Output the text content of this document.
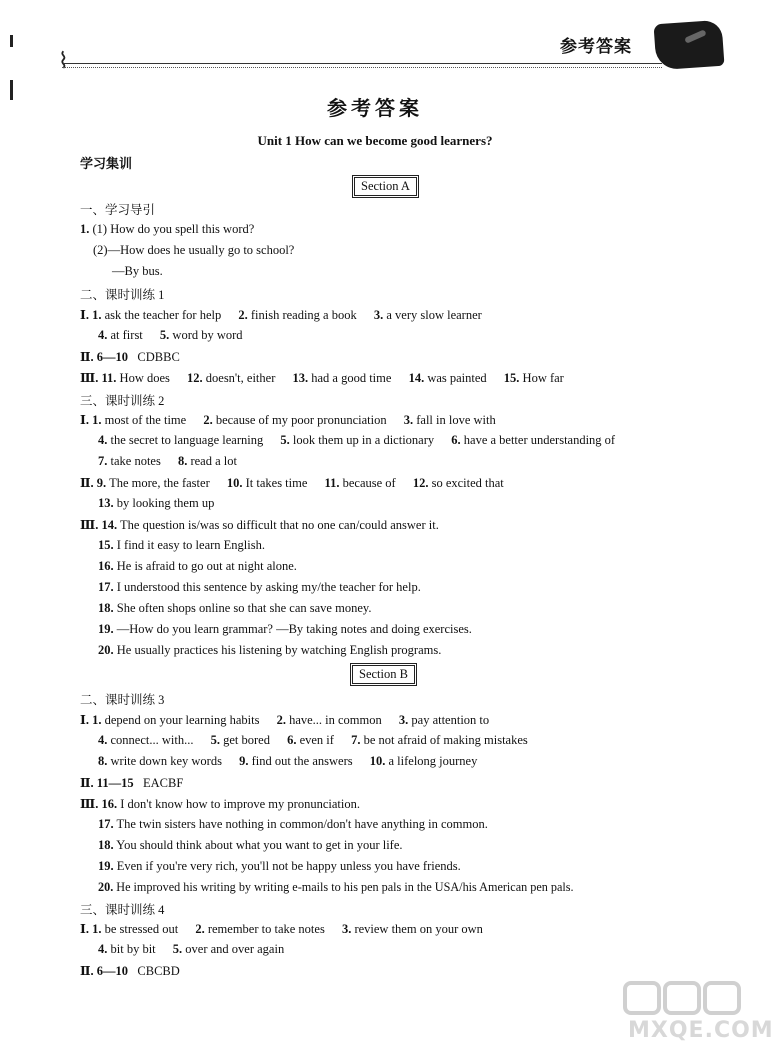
⌇
参考答案
参考答案
Unit 1 How can we become good learners?
学习集训
Section A
一、学习导引
1. (1) How do you spell this word?
(2)—How does he usually go to school?
—By bus.
二、课时训练 1
Ⅰ. 1. ask the teacher for help 2. finish reading a book 3. a very slow learner
4. at first 5. word by word
Ⅱ. 6—10 CDBBC
Ⅲ. 11. How does 12. doesn't, either 13. had a good time 14. was painted 15. How far
三、课时训练 2
Ⅰ. 1. most of the time 2. because of my poor pronunciation 3. fall in love with
4. the secret to language learning 5. look them up in a dictionary 6. have a better understanding of
7. take notes 8. read a lot
Ⅱ. 9. The more, the faster 10. It takes time 11. because of 12. so excited that
13. by looking them up
Ⅲ. 14. The question is/was so difficult that no one can/could answer it.
15. I find it easy to learn English.
16. He is afraid to go out at night alone.
17. I understood this sentence by asking my/the teacher for help.
18. She often shops online so that she can save money.
19. —How do you learn grammar? —By taking notes and doing exercises.
20. He usually practices his listening by watching English programs.
Section B
二、课时训练 3
Ⅰ. 1. depend on your learning habits 2. have... in common 3. pay attention to
4. connect... with... 5. get bored 6. even if 7. be not afraid of making mistakes
8. write down key words 9. find out the answers 10. a lifelong journey
Ⅱ. 11—15 EACBF
Ⅲ. 16. I don't know how to improve my pronunciation.
17. The twin sisters have nothing in common/don't have anything in common.
18. You should think about what you want to get in your life.
19. Even if you're very rich, you'll not be happy unless you have friends.
20. He improved his writing by writing e-mails to his pen pals in the USA/his American pen pals.
三、课时训练 4
Ⅰ. 1. be stressed out 2. remember to take notes 3. review them on your own
4. bit by bit 5. over and over again
Ⅱ. 6—10 CBCBD
MXQE.COM
